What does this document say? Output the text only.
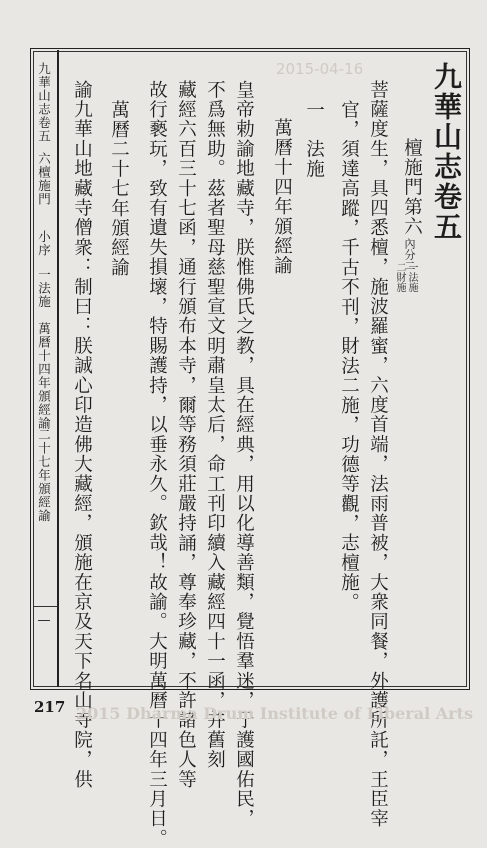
九華山志卷五
六檀施門
小序
一法施
萬曆十四年頒經諭
二十七年頒經諭
九華山志卷五
檀施門第六
內分二
一法施
二財施
菩薩度生，具四悉檀，施波羅蜜，六度首端，法雨普被，大衆同餐，外護所託，王臣宰
官，須達高蹤，千古不刊，財法二施，功德等觀，志檀施。
一　法施
萬曆十四年頒經諭
皇帝勅諭地藏寺，朕惟佛氏之教，具在經典，用以化導善類，覺悟羣迷，于護國佑民，
不爲無助。茲者聖母慈聖宣文明肅皇太后，命工刊印續入藏經四十一函，并舊刻
藏經六百三十七函，通行頒布本寺，爾等務須莊嚴持誦，尊奉珍藏，不許諸色人等
故行褻玩，致有遺失損壞，特賜護持，以垂永久。欽哉！故諭。大明萬曆十四年三月日。
萬曆二十七年頒經諭
諭九華山地藏寺僧衆：制曰：朕誠心印造佛大藏經，頒施在京及天下名山寺院，供
217
2015-04-16
2015 Dharma Drum Institute of Liberal Arts
